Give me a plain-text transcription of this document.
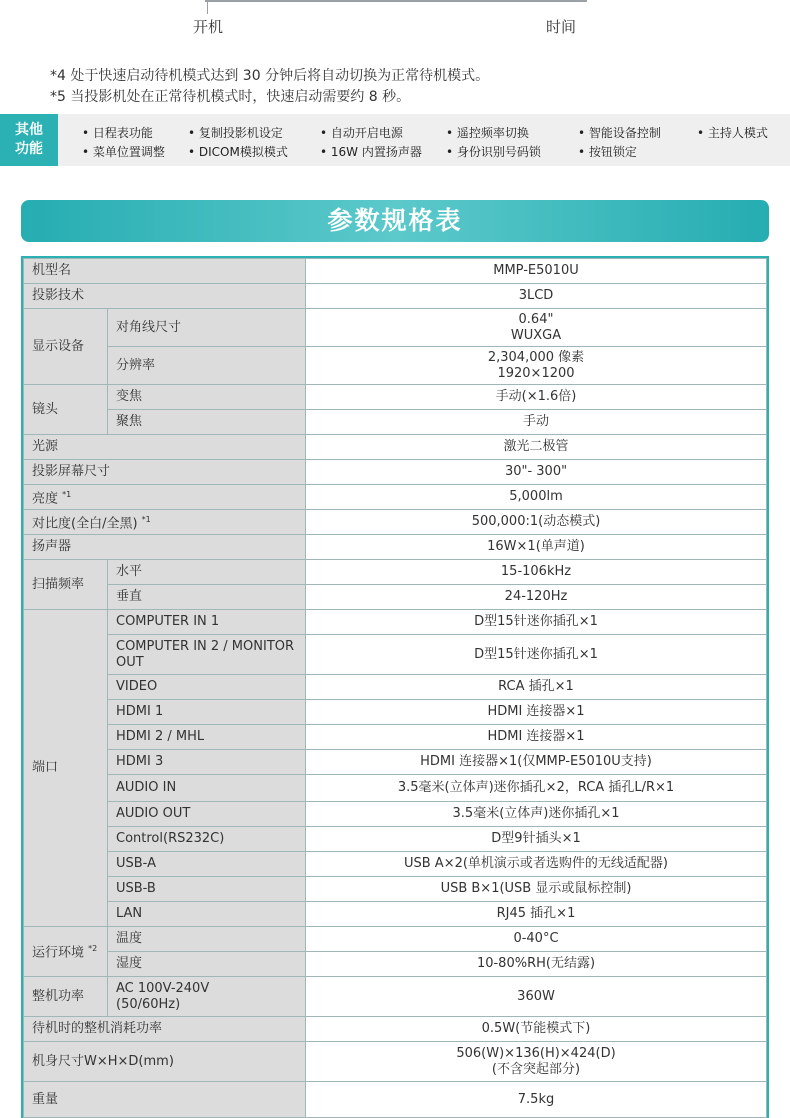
开机	时间
*4 处于快速启动待机模式达到 30 分钟后将自动切换为正常待机模式。
*5 当投影机处在正常待机模式时，快速启动需要约 8 秒。
其他
功能
• 日程表功能	• 复制投影机设定	• 自动开启电源	• 遥控频率切换	• 智能设备控制	• 主持人模式
• 菜单位置调整 • DICOM模拟模式	• 16W 内置扬声器 • 身份识别号码锁	• 按钮锁定
参数规格表
机型名		MMP-E5010U
投影技术		3LCD
显示设备	对角线尺寸	0.64"
WUXGA

	分辨率	2,304,000 像素
1920×1200

镜头	变焦	手动(×1.6倍)
	聚焦	手动
光源		激光二极管
投影屏幕尺寸		30"- 300"
亮度 $^{*1}$		5,000lm
对比度(全白/全黑) $^{*1}$		500,000:1(动态模式)
扬声器		16W×1(单声道)
扫描频率	水平	15-106kHz
	垂直	24-120Hz
端口	COMPUTER IN 1	D型15针迷你插孔×1
	COMPUTER IN 2 / MONITOR OUT	D型15针迷你插孔×1
	VIDEO	RCA 插孔×1
	HDMI 1	HDMI 连接器×1
	HDMI 2 / MHL	HDMI 连接器×1
	HDMI 3	HDMI 连接器×1(仅MMP-E5010U支持)
	AUDIO IN	3.5毫米(立体声)迷你插孔×2，RCA 插孔L/R×1
	AUDIO OUT	3.5毫米(立体声)迷你插孔×1
	Control(RS232C)	D型9针插头×1
	USB-A	USB A×2(单机演示或者选购件的无线适配器)
	USB-B	USB B×1(USB 显示或鼠标控制)
	LAN	RJ45 插孔×1
运行环境 $^{*2}$	温度	0-40°C
	湿度	10-80%RH(无结露)
整机功率	AC 100V-240V
(50/60Hz)	360W
待机时的整机消耗功率		0.5W(节能模式下)
机身尺寸W×H×D(mm)		506(W)×136(H)×424(D)
(不含突起部分)

重量		7.5kg
